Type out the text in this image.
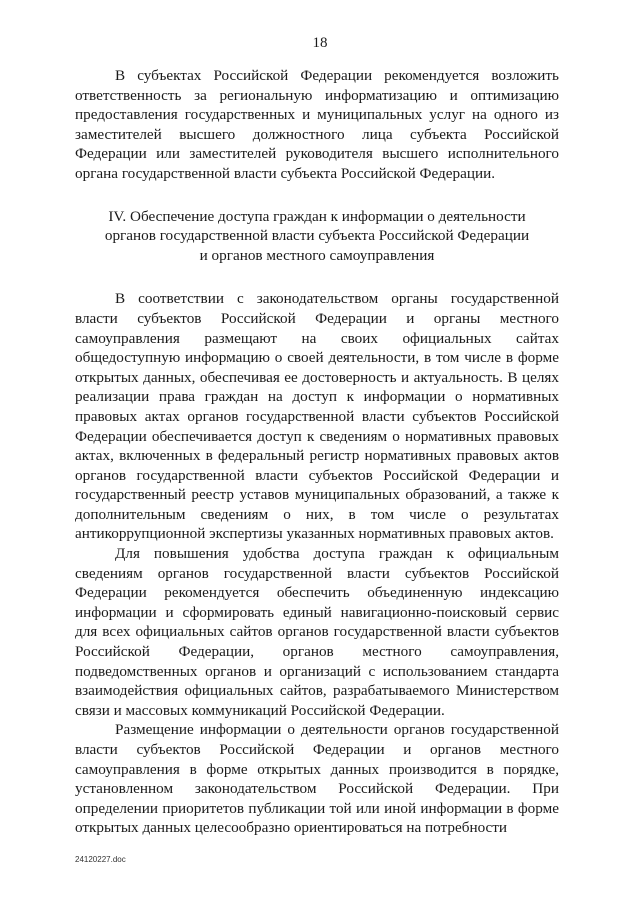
18

В субъектах Российской Федерации рекомендуется возложить ответственность за региональную информатизацию и оптимизацию предоставления государственных и муниципальных услуг на одного из заместителей высшего должностного лица субъекта Российской Федерации или заместителей руководителя высшего исполнительного органа государственной власти субъекта Российской Федерации.

IV. Обеспечение доступа граждан к информации о деятельности
органов государственной власти субъекта Российской Федерации
и органов местного самоуправления

В соответствии с законодательством органы государственной власти субъектов Российской Федерации и органы местного самоуправления размещают на своих официальных сайтах общедоступную информацию о своей деятельности, в том числе в форме открытых данных, обеспечивая ее достоверность и актуальность. В целях реализации права граждан на доступ к информации о нормативных правовых актах органов государственной власти субъектов Российской Федерации обеспечивается доступ к сведениям о нормативных правовых актах, включенных в федеральный регистр нормативных правовых актов органов государственной власти субъектов Российской Федерации и государственный реестр уставов муниципальных образований, а также к дополнительным сведениям о них, в том числе о результатах антикоррупционной экспертизы указанных нормативных правовых актов.

Для повышения удобства доступа граждан к официальным сведениям органов государственной власти субъектов Российской Федерации рекомендуется обеспечить объединенную индексацию информации и сформировать единый навигационно-поисковый сервис для всех официальных сайтов органов государственной власти субъектов Российской Федерации, органов местного самоуправления, подведомственных органов и организаций с использованием стандарта взаимодействия официальных сайтов, разрабатываемого Министерством связи и массовых коммуникаций Российской Федерации.

Размещение информации о деятельности органов государственной власти субъектов Российской Федерации и органов местного самоуправления в форме открытых данных производится в порядке, установленном законодательством Российской Федерации. При определении приоритетов публикации той или иной информации в форме открытых данных целесообразно ориентироваться на потребности

24120227.doc
